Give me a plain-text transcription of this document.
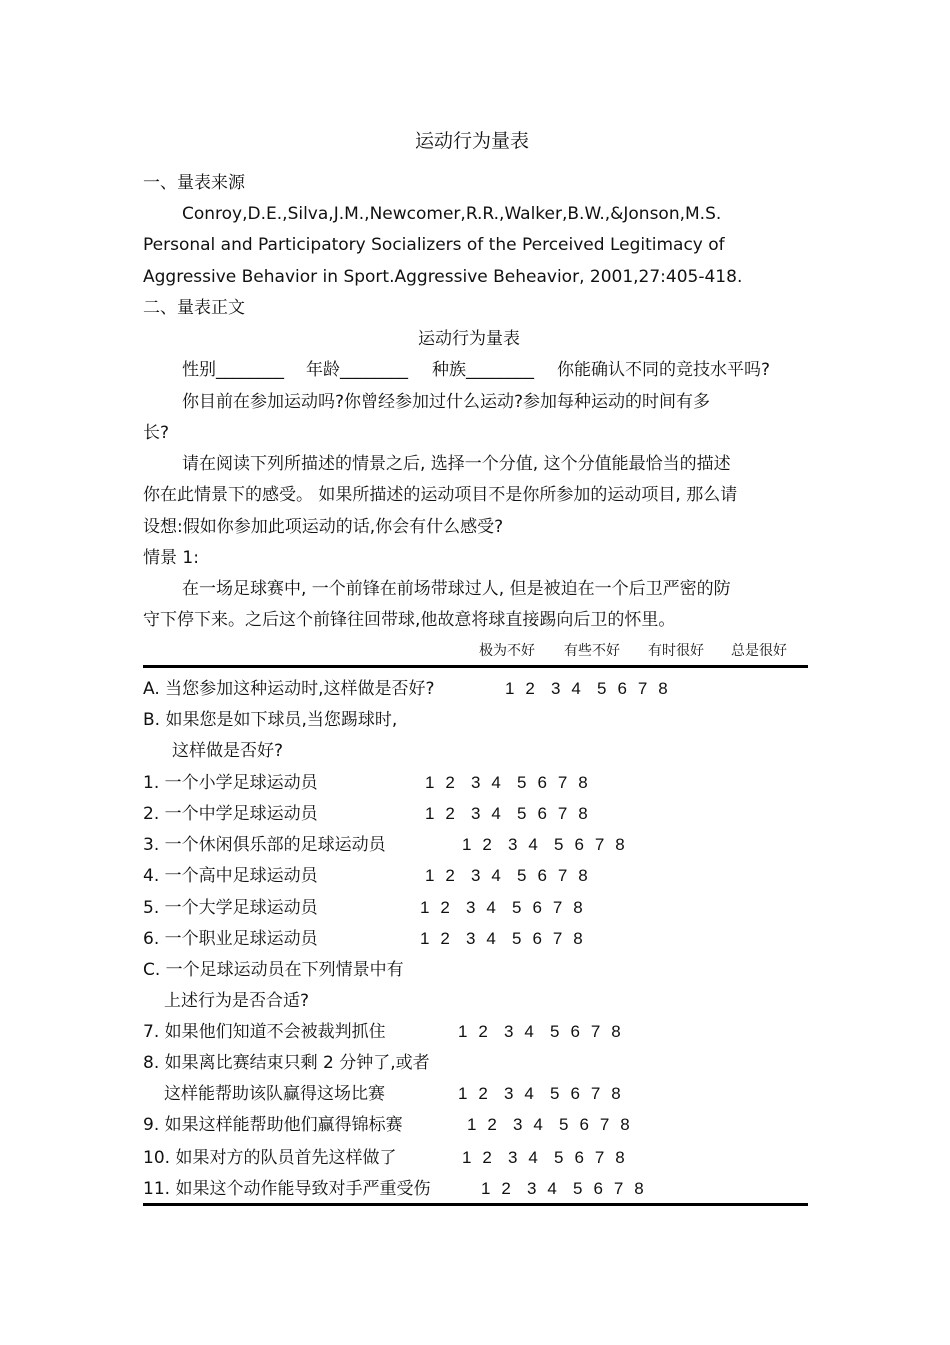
运动行为量表
一、量表来源
Conroy,D.E.,Silva,J.M.,Newcomer,R.R.,Walker,B.W.,&Jonson,M.S.
Personal and Participatory Socializers of the Perceived Legitimacy of
Aggressive Behavior in Sport.Aggressive Beheavior, 2001,27:405-418.
二、量表正文
运动行为量表
性别________ 年龄________ 种族________ 你能确认不同的竞技水平吗?
你目前在参加运动吗?你曾经参加过什么运动?参加每种运动的时间有多
长?
请在阅读下列所描述的情景之后, 选择一个分值, 这个分值能最恰当的描述
你在此情景下的感受。 如果所描述的运动项目不是你所参加的运动项目, 那么请
设想:假如你参加此项运动的话,你会有什么感受?
情景 1:
在一场足球赛中, 一个前锋在前场带球过人, 但是被迫在一个后卫严密的防
守下停下来。之后这个前锋往回带球,他故意将球直接踢向后卫的怀里。
极为不好 有些不好 有时很好 总是很好
A. 当您参加这种运动时,这样做是否好?	1  2   3  4   5  6  7  8
B. 如果您是如下球员,当您踢球时,
这样做是否好?
1. 一个小学足球运动员	1  2   3  4   5  6  7  8
2. 一个中学足球运动员	1  2   3  4   5  6  7  8
3. 一个休闲俱乐部的足球运动员	1  2   3  4   5  6  7  8
4. 一个高中足球运动员	1  2   3  4   5  6  7  8
5. 一个大学足球运动员	1  2   3  4   5  6  7  8
6. 一个职业足球运动员	1  2   3  4   5  6  7  8
C. 一个足球运动员在下列情景中有
上述行为是否合适?
7. 如果他们知道不会被裁判抓住	1  2   3  4   5  6  7  8
8. 如果离比赛结束只剩 2 分钟了,或者
这样能帮助该队赢得这场比赛	1  2   3  4   5  6  7  8
9. 如果这样能帮助他们赢得锦标赛	1  2   3  4   5  6  7  8
10. 如果对方的队员首先这样做了	1  2   3  4   5  6  7  8
11. 如果这个动作能导致对手严重受伤	1  2   3  4   5  6  7  8
